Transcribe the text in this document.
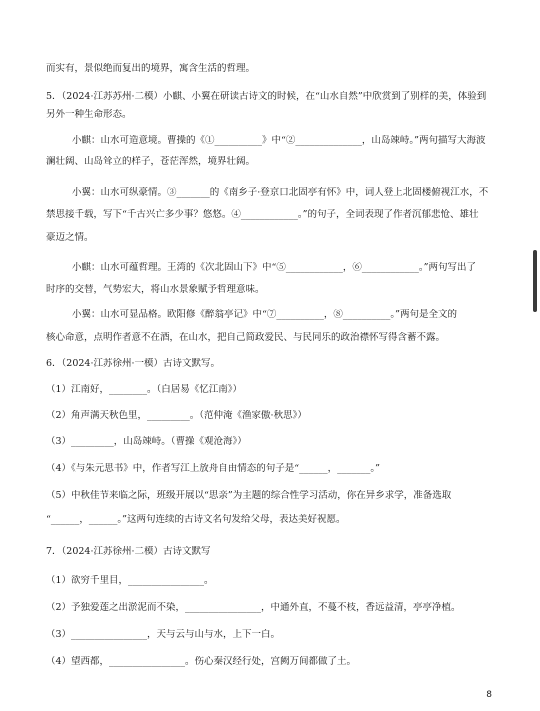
而实有，景似绝而复出的境界，寓含生活的哲理。
5．（2024·江苏苏州·二模）小麒、小翼在研读古诗文的时候，在“山水自然”中欣赏到了别样的美，体验到
另外一种生命形态。
小麒：山水可造意境。曹操的《①__________》中“②______________，山岛竦峙。”两句描写大海波
澜壮阔、山岛耸立的样子，苍茫浑然，境界壮阔。
小翼：山水可纵豪情。③_______的《南乡子·登京口北固亭有怀》中，词人登上北固楼俯视江水，不
禁思接千载，写下“千古兴亡多少事？悠悠。④____________。”的句子，全词表现了作者沉郁悲怆、雄壮
豪迈之情。
小麒：山水可蕴哲理。王湾的《次北固山下》中“⑤____________，⑥____________。”两句写出了
时序的交替，气势宏大，将山水景象赋予哲理意味。
小翼：山水可显品格。欧阳修《醉翁亭记》中“⑦__________，⑧__________。”两句是全文的
核心命意，点明作者意不在酒，在山水，把自己简政爱民、与民同乐的政治襟怀写得含蓄不露。
6．（2024·江苏徐州·一模）古诗文默写。
（1）江南好，________。（白居易《忆江南》）
（2）角声满天秋色里，_________。（范仲淹《渔家傲·秋思》）
（3）_________，山岛竦峙。（曹操《观沧海》）
（4）《与朱元思书》中，作者写江上放舟自由情态的句子是“______，_______。”
（5）中秋佳节来临之际，班级开展以“思亲”为主题的综合性学习活动，你在异乡求学，准备选取
“______，______。”这两句连续的古诗文名句发给父母，表达美好祝愿。
7．（2024·江苏徐州·二模）古诗文默写
（1）欲穷千里目，________________。
（2）予独爱莲之出淤泥而不染，________________，中通外直，不蔓不枝，香远益清，亭亭净植。
（3）________________，天与云与山与水，上下一白。
（4）望西都，________________。伤心秦汉经行处，宫阙万间都做了土。
8
